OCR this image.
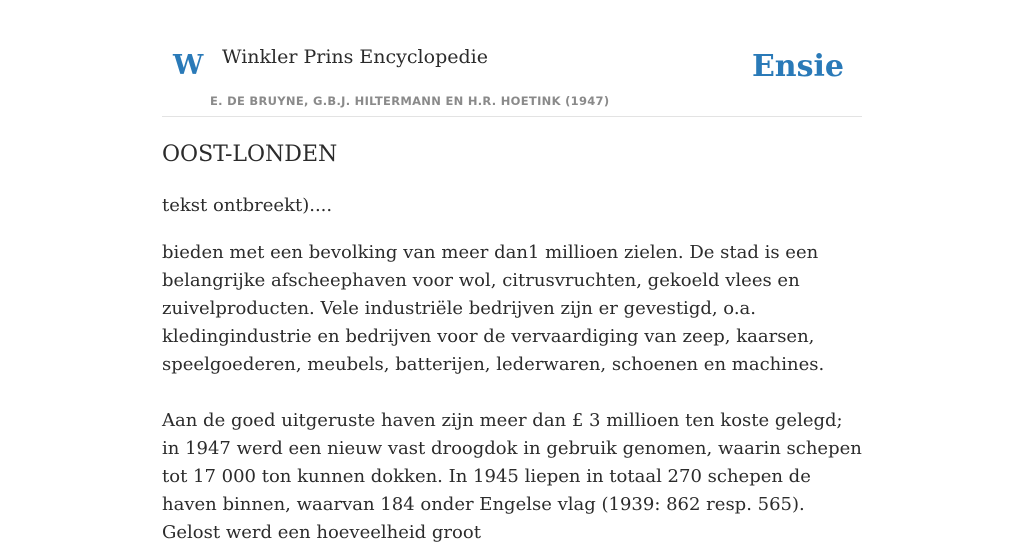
W Winkler Prins Encyclopedie
E. DE BRUYNE, G.B.J. HILTERMANN EN H.R. HOETINK (1947)
Ensie
OOST-LONDEN

tekst ontbreekt)....

bieden met een bevolking van meer dan1 millioen zielen. De stad is een belangrijke afscheephaven voor wol, citrusvruchten, gekoeld vlees en zuivelproducten. Vele industriële bedrijven zijn er gevestigd, o.a. kledingindustrie en bedrijven voor de vervaardiging van zeep, kaarsen, speelgoederen, meubels, batterijen, lederwaren, schoenen en machines.

Aan de goed uitgeruste haven zijn meer dan £ 3 millioen ten koste gelegd; in 1947 werd een nieuw vast droogdok in gebruik genomen, waarin schepen tot 17 000 ton kunnen dokken. In 1945 liepen in totaal 270 schepen de haven binnen, waarvan 184 onder Engelse vlag (1939: 862 resp. 565). Gelost werd een hoeveelheid groot
